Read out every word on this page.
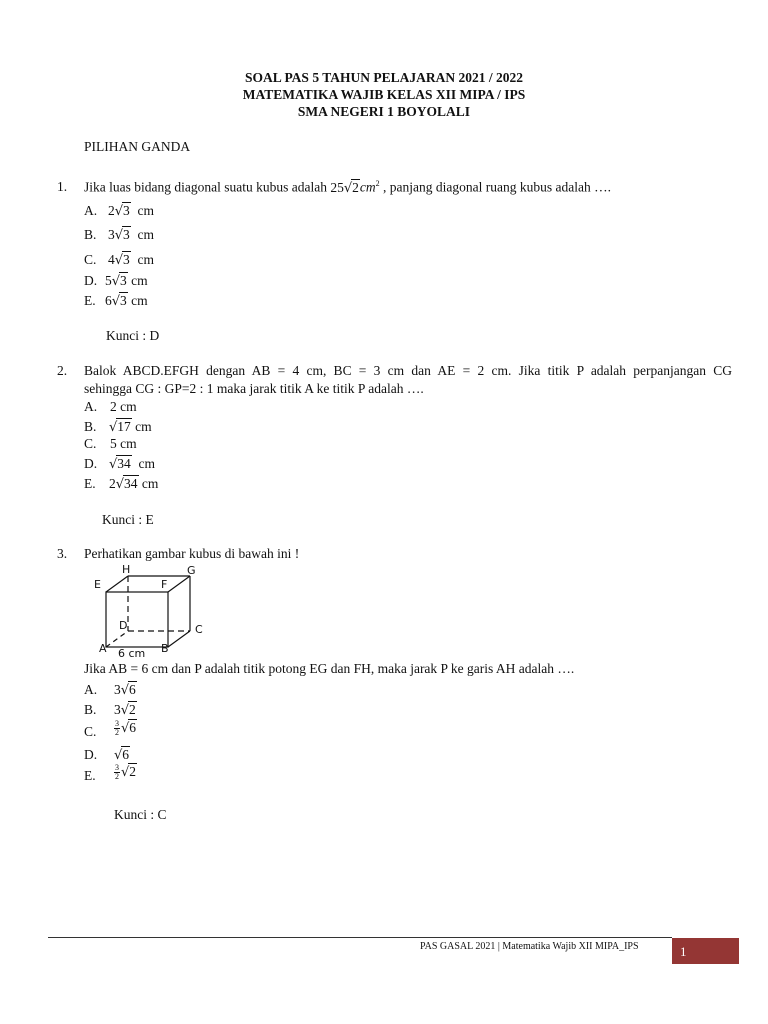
SOAL PAS 5 TAHUN PELAJARAN 2021 / 2022
MATEMATIKA WAJIB KELAS XII MIPA / IPS
SMA NEGERI 1 BOYOLALI
PILIHAN GANDA
1. Jika luas bidang diagonal suatu kubus adalah $25√2cm^2$ , panjang diagonal ruang kubus adalah ….
A. 2√3 cm
B. 3√3 cm
C. 4√3 cm
D. 5√3 cm
E. 6√3 cm
Kunci : D
2. Balok ABCD.EFGH dengan AB = 4 cm, BC = 3 cm dan AE = 2 cm. Jika titik P adalah perpanjangan CG
sehingga CG : GP=2 : 1 maka jarak titik A ke titik P adalah ….
A. 2 cm
B. √17 cm
C. 5 cm
D. √34 cm
E. 2√34 cm
Kunci : E
3. Perhatikan gambar kubus di bawah ini !
E
H
F
G
D	C
A	B
6 cm
Jika AB = 6 cm dan P adalah titik potong EG dan FH, maka jarak P ke garis AH adalah ….
A. 3√6
B. 3√2
C. $\frac{3}{2} √6$
D. √6
E. $\frac{3}{2} √2$
Kunci : C
PAS GASAL 2021 | Matematika Wajib XII MIPA_IPS	1
